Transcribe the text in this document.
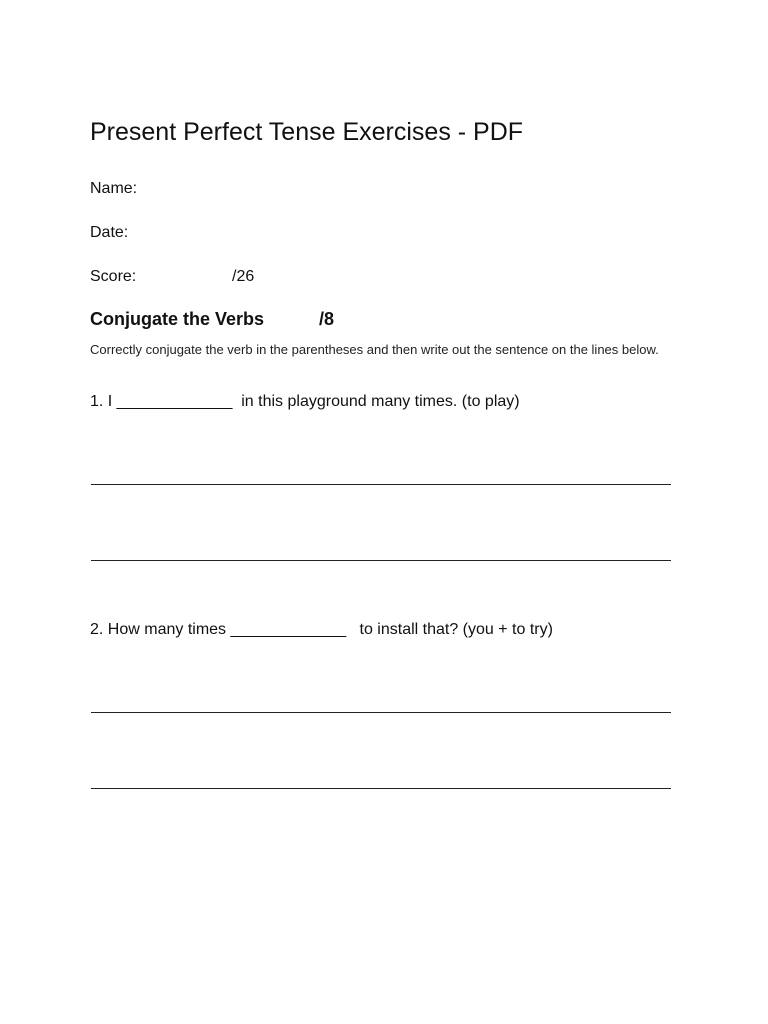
Present Perfect Tense Exercises - PDF
Name:
Date:
Score:	/26
Conjugate the Verbs	/8
Correctly conjugate the verb in the parentheses and then write out the sentence on the lines below.
1. I _____________  in this playground many times. (to play)
2. How many times _____________   to install that? (you + to try)
